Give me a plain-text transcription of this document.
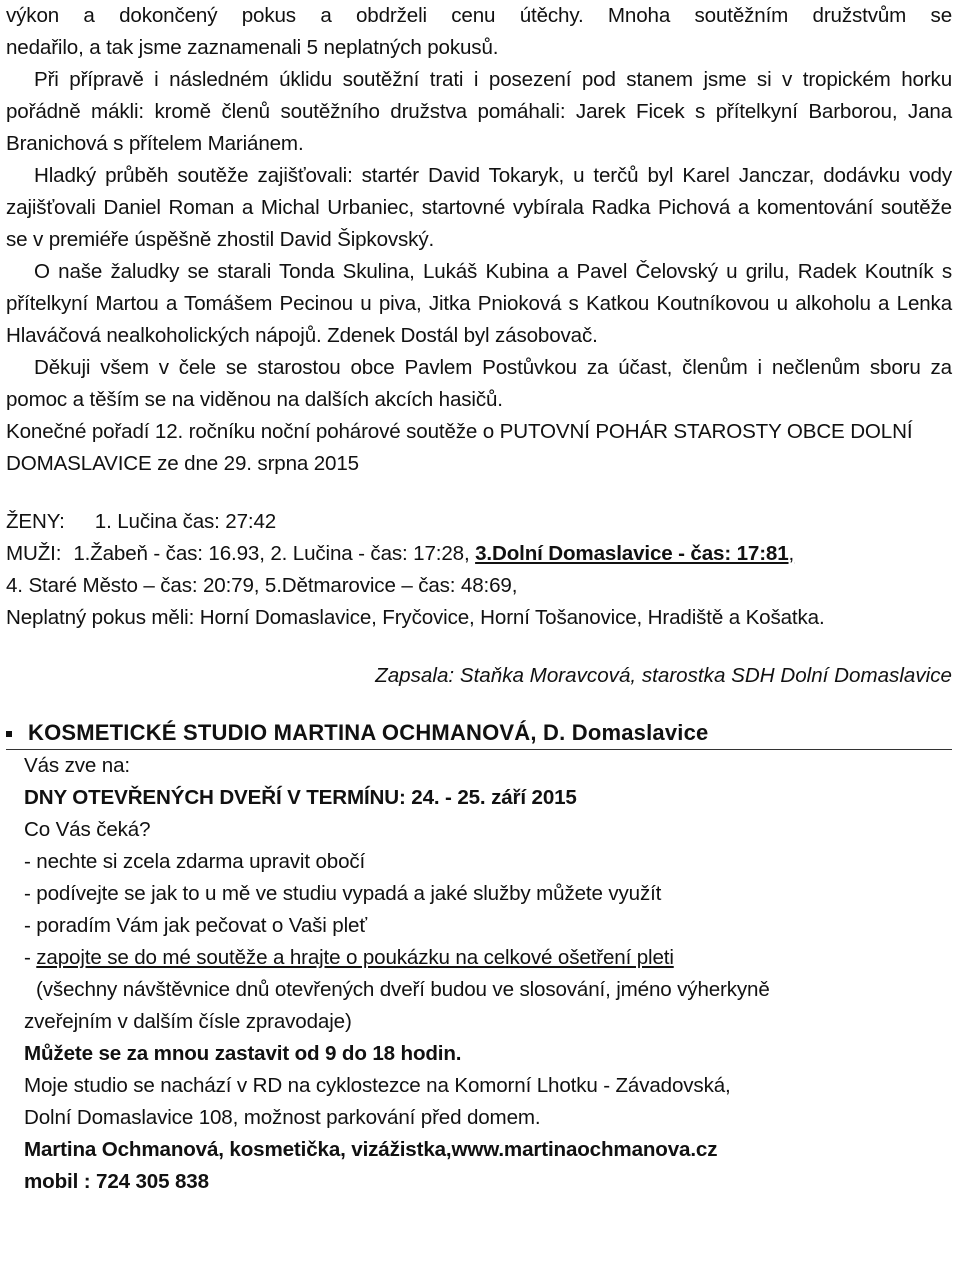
výkon a dokončený pokus a obdrželi cenu útěchy. Mnoha soutěžním družstvům se

nedařilo, a tak jsme zaznamenali 5 neplatných pokusů.

Při přípravě i následném úklidu soutěžní trati i posezení pod stanem jsme si v tropickém horku pořádně mákli: kromě členů soutěžního družstva pomáhali: Jarek Ficek s přítelkyní Barborou, Jana Branichová s přítelem Mariánem.

Hladký průběh soutěže zajišťovali: startér David Tokaryk, u terčů byl Karel Janczar, dodávku vody zajišťovali Daniel Roman a Michal Urbaniec, startovné vybírala Radka Pichová a komentování soutěže se v premiéře úspěšně zhostil David Šipkovský.

O naše žaludky se starali Tonda Skulina, Lukáš Kubina a Pavel Čelovský u grilu, Radek Koutník s přítelkyní Martou a Tomášem Pecinou u piva, Jitka Pnioková s Katkou Koutníkovou u alkoholu a Lenka Hlaváčová nealkoholických nápojů. Zdenek Dostál byl zásobovač.

Děkuji všem v čele se starostou obce Pavlem Postůvkou za účast, členům i nečlenům sboru za pomoc a těším se na viděnou na dalších akcích hasičů.

Konečné pořadí 12. ročníku noční pohárové soutěže o PUTOVNÍ POHÁR STAROSTY OBCE DOLNÍ DOMASLAVICE ze dne 29. srpna 2015

ŽENY: 1. Lučina čas: 27:42

MUŽI: 1.Žabeň - čas: 16.93, 2. Lučina - čas: 17:28, 3.Dolní Domaslavice - čas: 17:81,

4. Staré Město – čas: 20:79, 5.Dětmarovice – čas: 48:69,

Neplatný pokus měli: Horní Domaslavice, Fryčovice, Horní Tošanovice, Hradiště a Košatka.

Zapsala: Staňka Moravcová, starostka SDH Dolní Domaslavice

KOSMETICKÉ STUDIO MARTINA OCHMANOVÁ, D. Domaslavice

Vás zve na:

DNY OTEVŘENÝCH DVEŘÍ V TERMÍNU: 24. - 25. září 2015

Co Vás čeká?

- nechte si zcela zdarma upravit obočí

- podívejte se jak to u mě ve studiu vypadá a jaké služby můžete využít

- poradím Vám jak pečovat o Vaši pleť

- zapojte se do mé soutěže a hrajte o poukázku na celkové ošetření pleti

(všechny návštěvnice dnů otevřených dveří budou ve slosování, jméno výherkyně

zveřejním v dalším čísle zpravodaje)

Můžete se za mnou zastavit od 9 do 18 hodin.

Moje studio se nachází v RD na cyklostezce na Komorní Lhotku - Závadovská,

Dolní Domaslavice 108, možnost parkování před domem.

Martina Ochmanová, kosmetička, vizážistka,www.martinaochmanova.cz

mobil : 724 305 838
